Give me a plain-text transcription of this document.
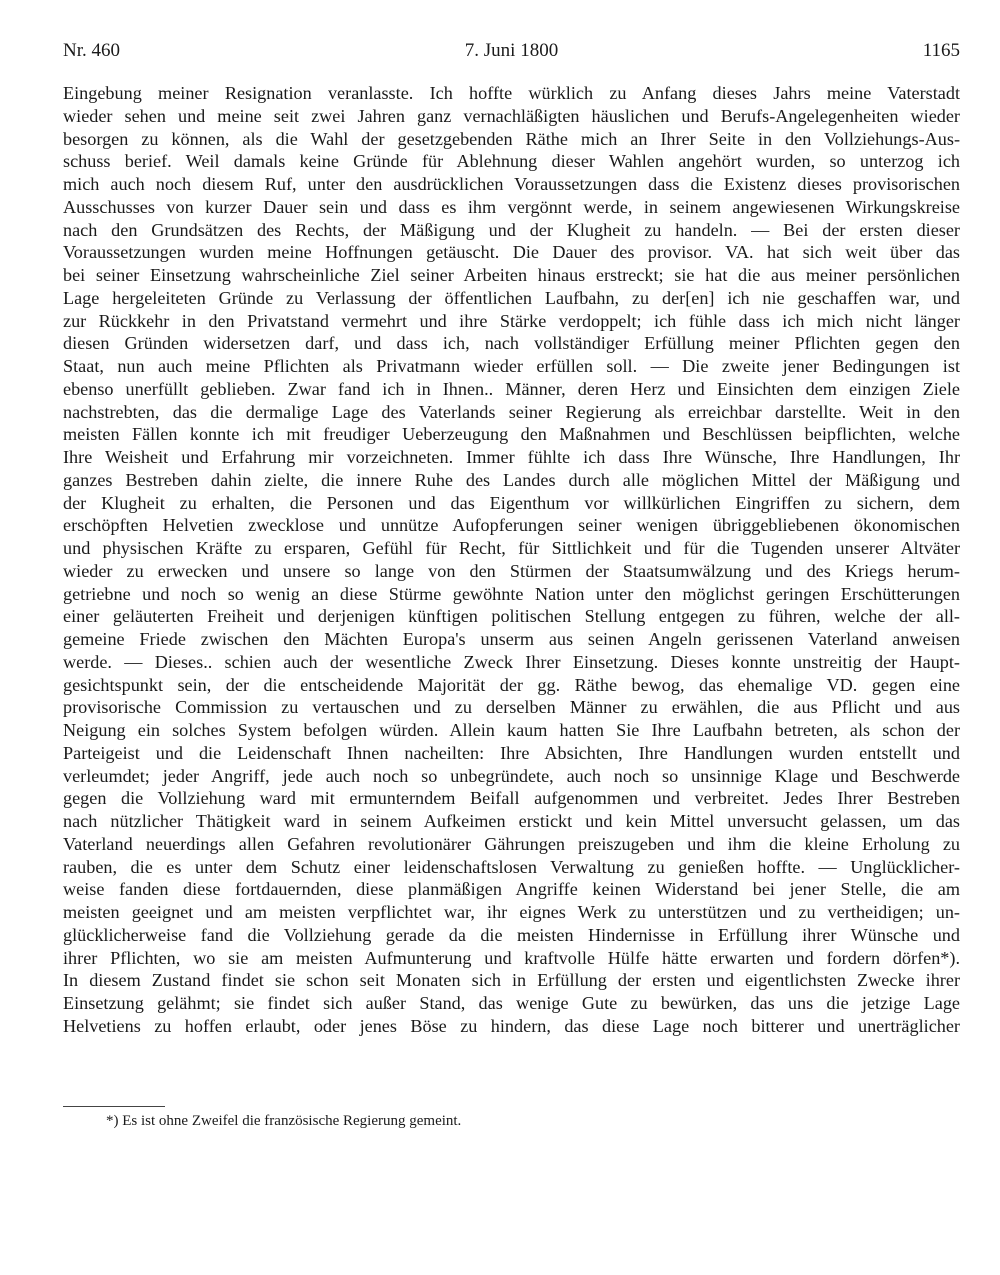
Nr. 460	7. Juni 1800	1165
Eingebung meiner Resignation veranlasste. Ich hoffte würklich zu Anfang dieses Jahrs meine Vaterstadt
wieder sehen und meine seit zwei Jahren ganz vernachläßigten häuslichen und Berufs-Angelegenheiten wieder
besorgen zu können, als die Wahl der gesetzgebenden Räthe mich an Ihrer Seite in den Vollziehungs-Aus-
schuss berief. Weil damals keine Gründe für Ablehnung dieser Wahlen angehört wurden, so unterzog ich
mich auch noch diesem Ruf, unter den ausdrücklichen Voraussetzungen dass die Existenz dieses provisorischen
Ausschusses von kurzer Dauer sein und dass es ihm vergönnt werde, in seinem angewiesenen Wirkungskreise
nach den Grundsätzen des Rechts, der Mäßigung und der Klugheit zu handeln. — Bei der ersten dieser
Voraussetzungen wurden meine Hoffnungen getäuscht. Die Dauer des provisor. VA. hat sich weit über das
bei seiner Einsetzung wahrscheinliche Ziel seiner Arbeiten hinaus erstreckt; sie hat die aus meiner persönlichen
Lage hergeleiteten Gründe zu Verlassung der öffentlichen Laufbahn, zu der[en] ich nie geschaffen war, und
zur Rückkehr in den Privatstand vermehrt und ihre Stärke verdoppelt; ich fühle dass ich mich nicht länger
diesen Gründen widersetzen darf, und dass ich, nach vollständiger Erfüllung meiner Pflichten gegen den
Staat, nun auch meine Pflichten als Privatmann wieder erfüllen soll. — Die zweite jener Bedingungen ist
ebenso unerfüllt geblieben. Zwar fand ich in Ihnen.. Männer, deren Herz und Einsichten dem einzigen Ziele
nachstrebten, das die dermalige Lage des Vaterlands seiner Regierung als erreichbar darstellte. Weit in den
meisten Fällen konnte ich mit freudiger Ueberzeugung den Maßnahmen und Beschlüssen beipflichten, welche
Ihre Weisheit und Erfahrung mir vorzeichneten. Immer fühlte ich dass Ihre Wünsche, Ihre Handlungen, Ihr
ganzes Bestreben dahin zielte, die innere Ruhe des Landes durch alle möglichen Mittel der Mäßigung und
der Klugheit zu erhalten, die Personen und das Eigenthum vor willkürlichen Eingriffen zu sichern, dem
erschöpften Helvetien zwecklose und unnütze Aufopferungen seiner wenigen übriggebliebenen ökonomischen
und physischen Kräfte zu ersparen, Gefühl für Recht, für Sittlichkeit und für die Tugenden unserer Altväter
wieder zu erwecken und unsere so lange von den Stürmen der Staatsumwälzung und des Kriegs herum-
getriebne und noch so wenig an diese Stürme gewöhnte Nation unter den möglichst geringen Erschütterungen
einer geläuterten Freiheit und derjenigen künftigen politischen Stellung entgegen zu führen, welche der all-
gemeine Friede zwischen den Mächten Europa's unserm aus seinen Angeln gerissenen Vaterland anweisen
werde. — Dieses.. schien auch der wesentliche Zweck Ihrer Einsetzung. Dieses konnte unstreitig der Haupt-
gesichtspunkt sein, der die entscheidende Majorität der gg. Räthe bewog, das ehemalige VD. gegen eine
provisorische Commission zu vertauschen und zu derselben Männer zu erwählen, die aus Pflicht und aus
Neigung ein solches System befolgen würden. Allein kaum hatten Sie Ihre Laufbahn betreten, als schon der
Parteigeist und die Leidenschaft Ihnen nacheilten: Ihre Absichten, Ihre Handlungen wurden entstellt und
verleumdet; jeder Angriff, jede auch noch so unbegründete, auch noch so unsinnige Klage und Beschwerde
gegen die Vollziehung ward mit ermunterndem Beifall aufgenommen und verbreitet. Jedes Ihrer Bestreben
nach nützlicher Thätigkeit ward in seinem Aufkeimen erstickt und kein Mittel unversucht gelassen, um das
Vaterland neuerdings allen Gefahren revolutionärer Gährungen preiszugeben und ihm die kleine Erholung zu
rauben, die es unter dem Schutz einer leidenschaftslosen Verwaltung zu genießen hoffte. — Unglücklicher-
weise fanden diese fortdauernden, diese planmäßigen Angriffe keinen Widerstand bei jener Stelle, die am
meisten geeignet und am meisten verpflichtet war, ihr eignes Werk zu unterstützen und zu vertheidigen; un-
glücklicherweise fand die Vollziehung gerade da die meisten Hindernisse in Erfüllung ihrer Wünsche und
ihrer Pflichten, wo sie am meisten Aufmunterung und kraftvolle Hülfe hätte erwarten und fordern dörfen*).
In diesem Zustand findet sie schon seit Monaten sich in Erfüllung der ersten und eigentlichsten Zwecke ihrer
Einsetzung gelähmt; sie findet sich außer Stand, das wenige Gute zu bewürken, das uns die jetzige Lage
Helvetiens zu hoffen erlaubt, oder jenes Böse zu hindern, das diese Lage noch bitterer und unerträglicher
*) Es ist ohne Zweifel die französische Regierung gemeint.
